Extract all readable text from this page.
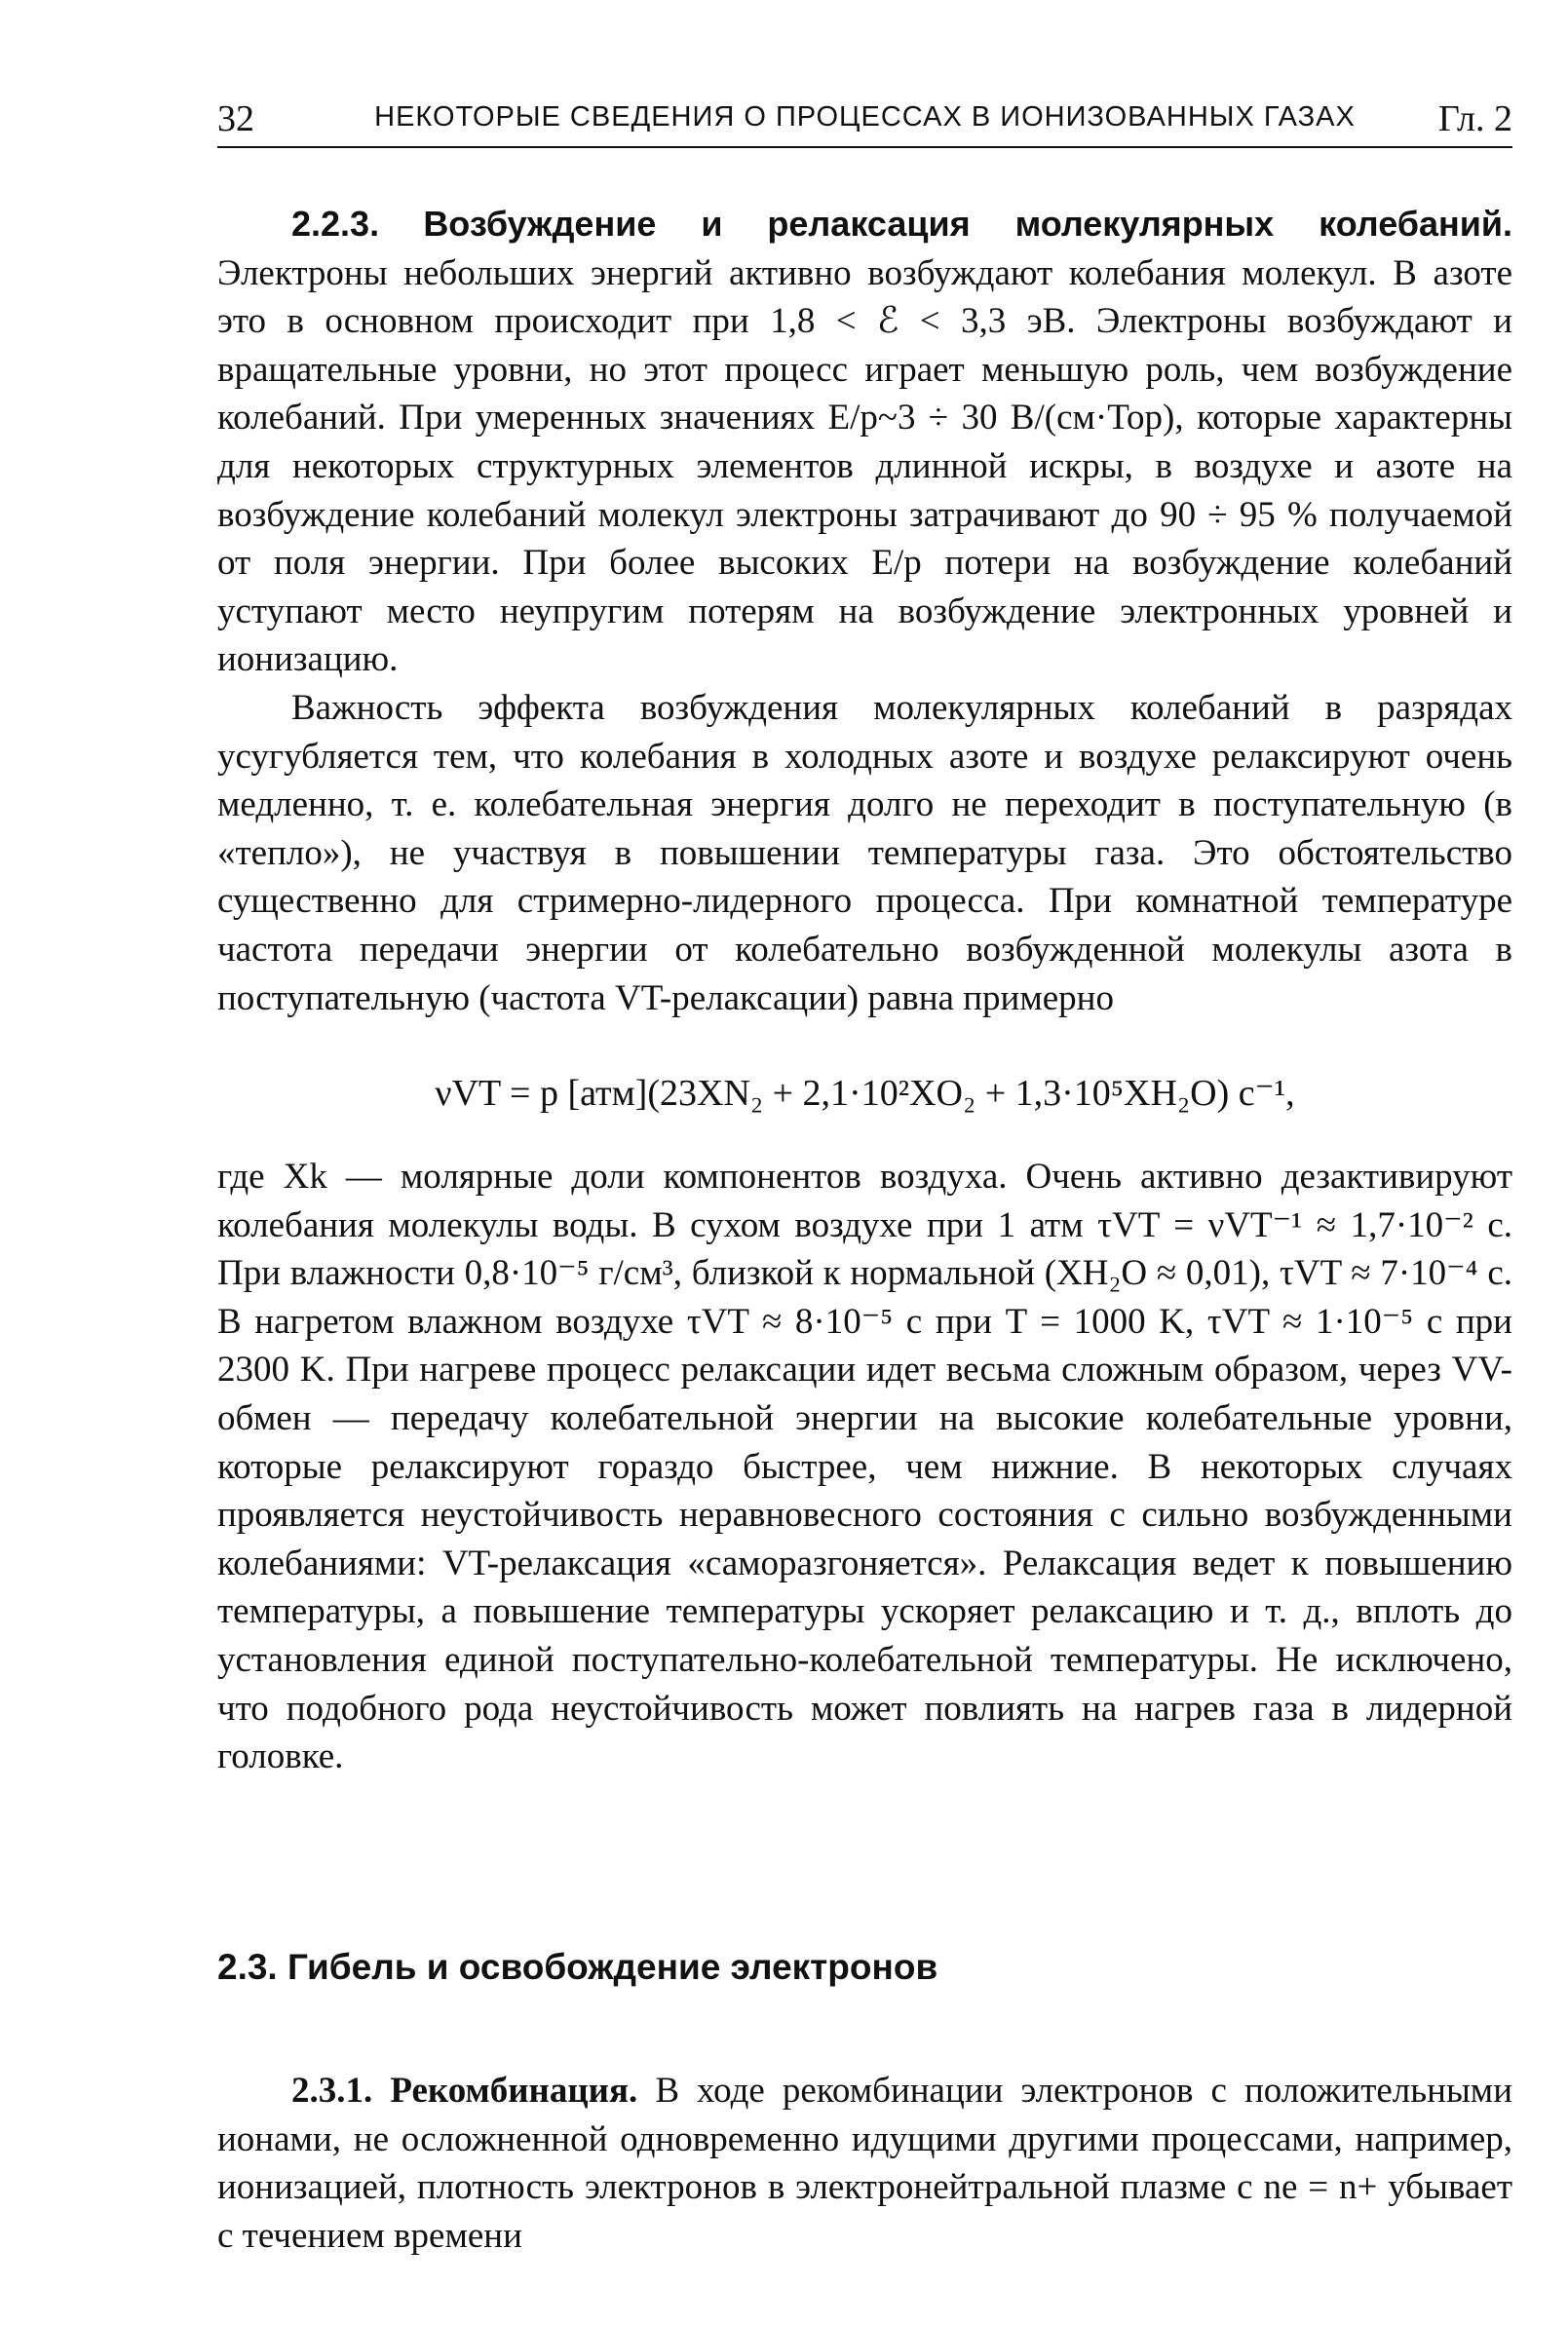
32	НЕКОТОРЫЕ СВЕДЕНИЯ О ПРОЦЕССАХ В ИОНИЗОВАННЫХ ГАЗАХ	Гл. 2

2.2.3. Возбуждение и релаксация молекулярных колебаний. Электроны небольших энергий активно возбуждают колебания молекул. В азоте это в основном происходит при 1,8 < ℰ < 3,3 эВ. Электроны возбуждают и вращательные уровни, но этот процесс играет меньшую роль, чем возбуждение колебаний. При умеренных значениях E/p~3 ÷ 30 В/(см·Тор), которые характерны для некоторых структурных элементов длинной искры, в воздухе и азоте на возбуждение колебаний молекул электроны затрачивают до 90 ÷ 95 % получаемой от поля энергии. При более высоких E/p потери на возбуждение колебаний уступают место неупругим потерям на возбуждение электронных уровней и ионизацию.

Важность эффекта возбуждения молекулярных колебаний в разрядах усугубляется тем, что колебания в холодных азоте и воздухе релаксируют очень медленно, т. е. колебательная энергия долго не переходит в поступательную (в «тепло»), не участвуя в повышении температуры газа. Это обстоятельство существенно для стримерно-лидерного процесса. При комнатной температуре частота передачи энергии от колебательно возбужденной молекулы азота в поступательную (частота VT-релаксации) равна примерно

νVT = p [атм](23XN₂ + 2,1·10²XO₂ + 1,3·10⁵XH₂O) с⁻¹,

где Xk — молярные доли компонентов воздуха. Очень активно дезактивируют колебания молекулы воды. В сухом воздухе при 1 атм τVT = νVT⁻¹ ≈ 1,7·10⁻² с. При влажности 0,8·10⁻⁵ г/см³, близкой к нормальной (XH₂O ≈ 0,01), τVT ≈ 7·10⁻⁴ с. В нагретом влажном воздухе τVT ≈ 8·10⁻⁵ с при T = 1000 K, τVT ≈ 1·10⁻⁵ с при 2300 K. При нагреве процесс релаксации идет весьма сложным образом, через VV-обмен — передачу колебательной энергии на высокие колебательные уровни, которые релаксируют гораздо быстрее, чем нижние. В некоторых случаях проявляется неустойчивость неравновесного состояния с сильно возбужденными колебаниями: VT-релаксация «саморазгоняется». Релаксация ведет к повышению температуры, а повышение температуры ускоряет релаксацию и т. д., вплоть до установления единой поступательно-колебательной температуры. Не исключено, что подобного рода неустойчивость может повлиять на нагрев газа в лидерной головке.

2.3. Гибель и освобождение электронов

2.3.1. Рекомбинация. В ходе рекомбинации электронов с положительными ионами, не осложненной одновременно идущими другими процессами, например, ионизацией, плотность электронов в электронейтральной плазме с ne = n+ убывает с течением времени
